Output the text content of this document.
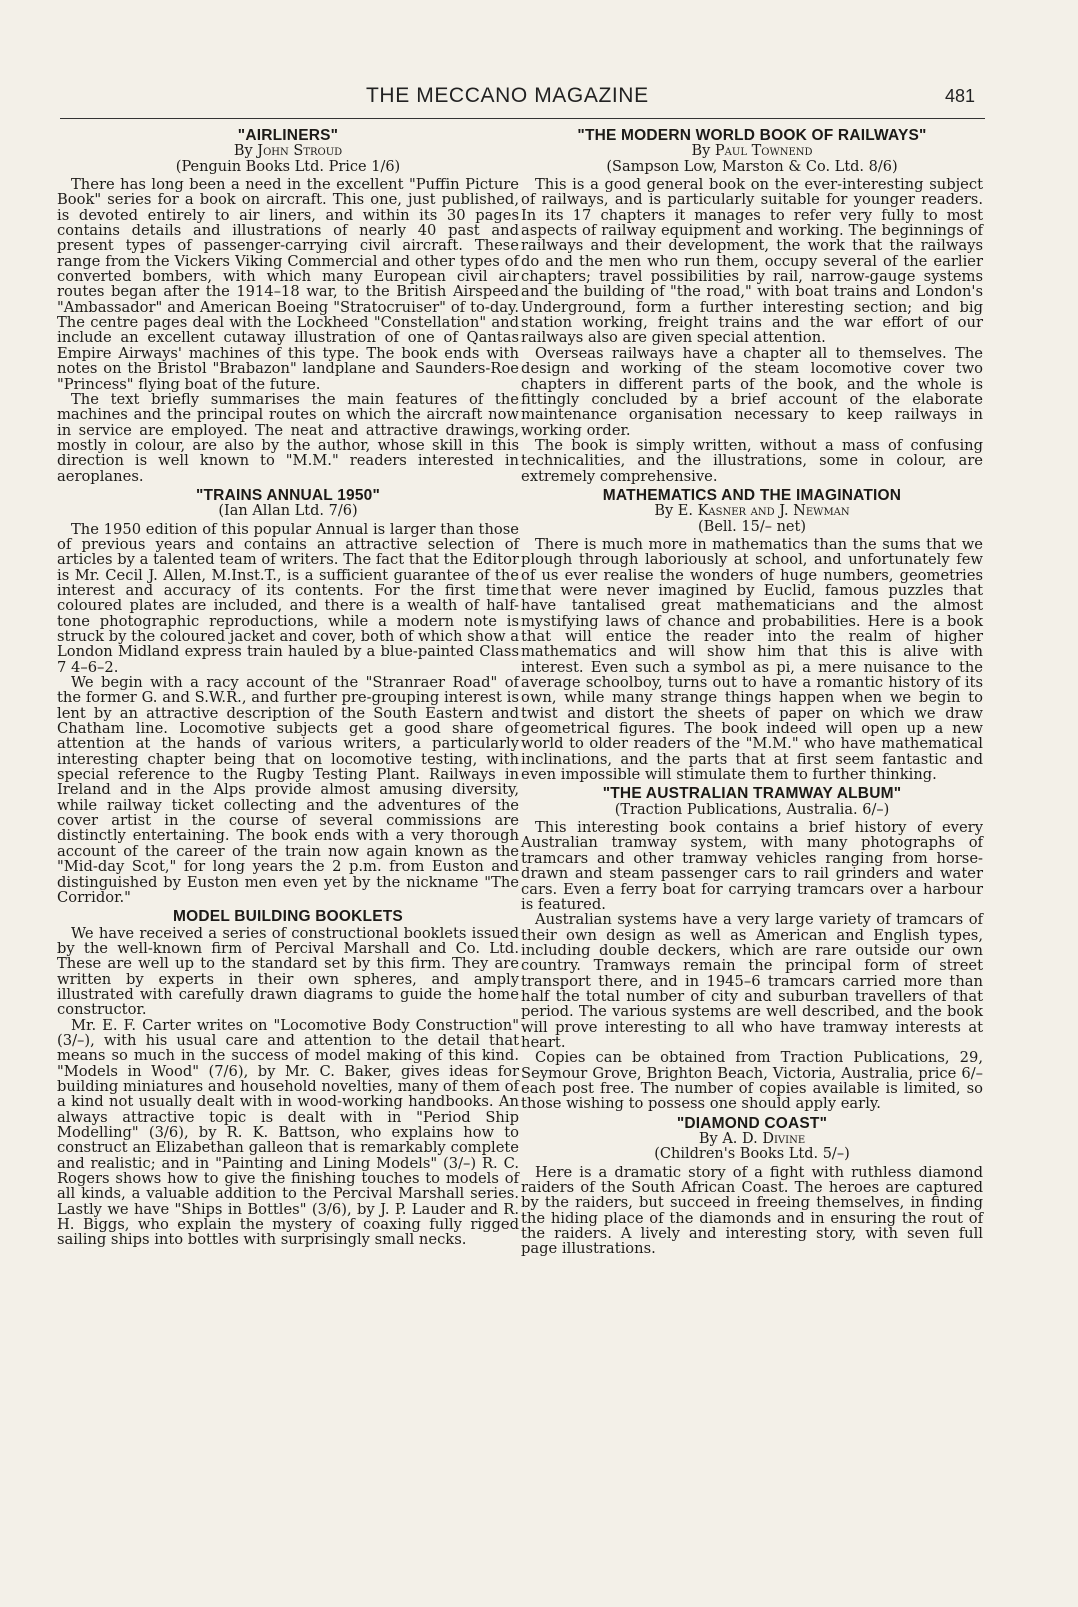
THE MECCANO MAGAZINE	481
"AIRLINERS"
By John Stroud
(Penguin Books Ltd. Price 1/6)

There has long been a need in the excellent "Puffin Picture Book" series for a book on aircraft. This one, just published, is devoted entirely to air liners, and within its 30 pages contains details and illustrations of nearly 40 past and present types of passenger-carrying civil aircraft. These range from the Vickers Viking Commercial and other types of converted bombers, with which many European civil air routes began after the 1914–18 war, to the British Airspeed "Ambassador" and American Boeing "Stratocruiser" of to-day. The centre pages deal with the Lockheed "Constellation" and include an excellent cutaway illustration of one of Qantas Empire Airways' machines of this type. The book ends with notes on the Bristol "Brabazon" landplane and Saunders-Roe "Princess" flying boat of the future.

The text briefly summarises the main features of the machines and the principal routes on which the aircraft now in service are employed. The neat and attractive drawings, mostly in colour, are also by the author, whose skill in this direction is well known to "M.M." readers interested in aeroplanes.

"TRAINS ANNUAL 1950"
(Ian Allan Ltd. 7/6)

The 1950 edition of this popular Annual is larger than those of previous years and contains an attractive selection of articles by a talented team of writers. The fact that the Editor is Mr. Cecil J. Allen, M.Inst.T., is a sufficient guarantee of the interest and accuracy of its contents. For the first time coloured plates are included, and there is a wealth of half-tone photographic reproductions, while a modern note is struck by the coloured jacket and cover, both of which show a London Midland express train hauled by a blue-painted Class 7 4–6–2.

We begin with a racy account of the "Stranraer Road" of the former G. and S.W.R., and further pre-grouping interest is lent by an attractive description of the South Eastern and Chatham line. Locomotive subjects get a good share of attention at the hands of various writers, a particularly interesting chapter being that on locomotive testing, with special reference to the Rugby Testing Plant. Railways in Ireland and in the Alps provide almost amusing diversity, while railway ticket collecting and the adventures of the cover artist in the course of several commissions are distinctly entertaining. The book ends with a very thorough account of the career of the train now again known as the "Mid-day Scot," for long years the 2 p.m. from Euston and distinguished by Euston men even yet by the nickname "The Corridor."

MODEL BUILDING BOOKLETS

We have received a series of constructional booklets issued by the well-known firm of Percival Marshall and Co. Ltd. These are well up to the standard set by this firm. They are written by experts in their own spheres, and amply illustrated with carefully drawn diagrams to guide the home constructor.

Mr. E. F. Carter writes on "Locomotive Body Construction" (3/–), with his usual care and attention to the detail that means so much in the success of model making of this kind. "Models in Wood" (7/6), by Mr. C. Baker, gives ideas for building miniatures and household novelties, many of them of a kind not usually dealt with in wood-working handbooks. An always attractive topic is dealt with in "Period Ship Modelling" (3/6), by R. K. Battson, who explains how to construct an Elizabethan galleon that is remarkably complete and realistic; and in "Painting and Lining Models" (3/–) R. C. Rogers shows how to give the finishing touches to models of all kinds, a valuable addition to the Percival Marshall series. Lastly we have "Ships in Bottles" (3/6), by J. P. Lauder and R. H. Biggs, who explain the mystery of coaxing fully rigged sailing ships into bottles with surprisingly small necks.

"THE MODERN WORLD BOOK OF RAILWAYS"
By Paul Townend
(Sampson Low, Marston & Co. Ltd. 8/6)

This is a good general book on the ever-interesting subject of railways, and is particularly suitable for younger readers. In its 17 chapters it manages to refer very fully to most aspects of railway equipment and working. The beginnings of railways and their development, the work that the railways do and the men who run them, occupy several of the earlier chapters; travel possibilities by rail, narrow-gauge systems and the building of "the road," with boat trains and London's Underground, form a further interesting section; and big station working, freight trains and the war effort of our railways also are given special attention.

Overseas railways have a chapter all to themselves. The design and working of the steam locomotive cover two chapters in different parts of the book, and the whole is fittingly concluded by a brief account of the elaborate maintenance organisation necessary to keep railways in working order.

The book is simply written, without a mass of confusing technicalities, and the illustrations, some in colour, are extremely comprehensive.

MATHEMATICS AND THE IMAGINATION
By E. Kasner and J. Newman
(Bell. 15/– net)

There is much more in mathematics than the sums that we plough through laboriously at school, and unfortunately few of us ever realise the wonders of huge numbers, geometries that were never imagined by Euclid, famous puzzles that have tantalised great mathematicians and the almost mystifying laws of chance and probabilities. Here is a book that will entice the reader into the realm of higher mathematics and will show him that this is alive with interest. Even such a symbol as pi, a mere nuisance to the average schoolboy, turns out to have a romantic history of its own, while many strange things happen when we begin to twist and distort the sheets of paper on which we draw geometrical figures. The book indeed will open up a new world to older readers of the "M.M." who have mathematical inclinations, and the parts that at first seem fantastic and even impossible will stimulate them to further thinking.

"THE AUSTRALIAN TRAMWAY ALBUM"
(Traction Publications, Australia. 6/–)

This interesting book contains a brief history of every Australian tramway system, with many photographs of tramcars and other tramway vehicles ranging from horse-drawn and steam passenger cars to rail grinders and water cars. Even a ferry boat for carrying tramcars over a harbour is featured.

Australian systems have a very large variety of tramcars of their own design as well as American and English types, including double deckers, which are rare outside our own country. Tramways remain the principal form of street transport there, and in 1945–6 tramcars carried more than half the total number of city and suburban travellers of that period. The various systems are well described, and the book will prove interesting to all who have tramway interests at heart.

Copies can be obtained from Traction Publications, 29, Seymour Grove, Brighton Beach, Victoria, Australia, price 6/– each post free. The number of copies available is limited, so those wishing to possess one should apply early.

"DIAMOND COAST"
By A. D. Divine
(Children's Books Ltd. 5/–)

Here is a dramatic story of a fight with ruthless diamond raiders of the South African Coast. The heroes are captured by the raiders, but succeed in freeing themselves, in finding the hiding place of the diamonds and in ensuring the rout of the raiders. A lively and interesting story, with seven full page illustrations.
